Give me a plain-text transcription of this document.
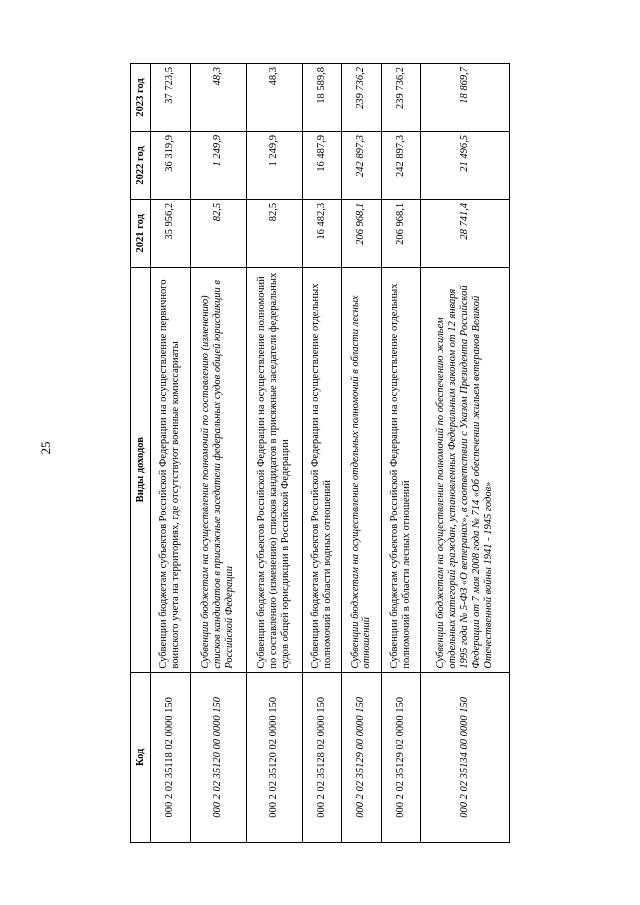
25
Код	Виды доходов	2021 год	2022 год	2023 год
000 2 02 35118 02 0000 150	Субвенции бюджетам субъектов Российской Федерации на осуществление первичного воинского учета на территориях, где отсутствуют военные комиссариаты	35 956,2	36 319,9	37 723,5
000 2 02 35120 00 0000 150	Субвенции бюджетам на осуществление полномочий по составлению (изменению) списков кандидатов в присяжные заседатели федеральных судов общей юрисдикции в Российской Федерации	82,5	1 249,9	48,3
000 2 02 35120 02 0000 150	Субвенции бюджетам субъектов Российской Федерации на осуществление полномочий по составлению (изменению) списков кандидатов в присяжные заседатели федеральных судов общей юрисдикции в Российской Федерации	82,5	1 249,9	48,3
000 2 02 35128 02 0000 150	Субвенции бюджетам субъектов Российской Федерации на осуществление отдельных полномочий в области водных отношений	16 482,3	16 487,9	18 589,8
000 2 02 35129 00 0000 150	Субвенции бюджетам на осуществление отдельных полномочий в области лесных отношений	206 968,1	242 897,3	239 736,2
000 2 02 35129 02 0000 150	Субвенции бюджетам субъектов Российской Федерации на осуществление отдельных полномочий в области лесных отношений	206 968,1	242 897,3	239 736,2
000 2 02 35134 00 0000 150	Субвенции бюджетам на осуществление полномочий по обеспечению жильем отдельных категорий граждан, установленных Федеральным законом от 12 января 1995 года № 5-ФЗ «О ветеранах», в соответствии с Указом Президента Российской Федерации от 7 мая 2008 года № 714 «Об обеспечении жильем ветеранов Великой Отечественной войны 1941 - 1945 годов»	28 741,4	21 496,5	18 869,7
